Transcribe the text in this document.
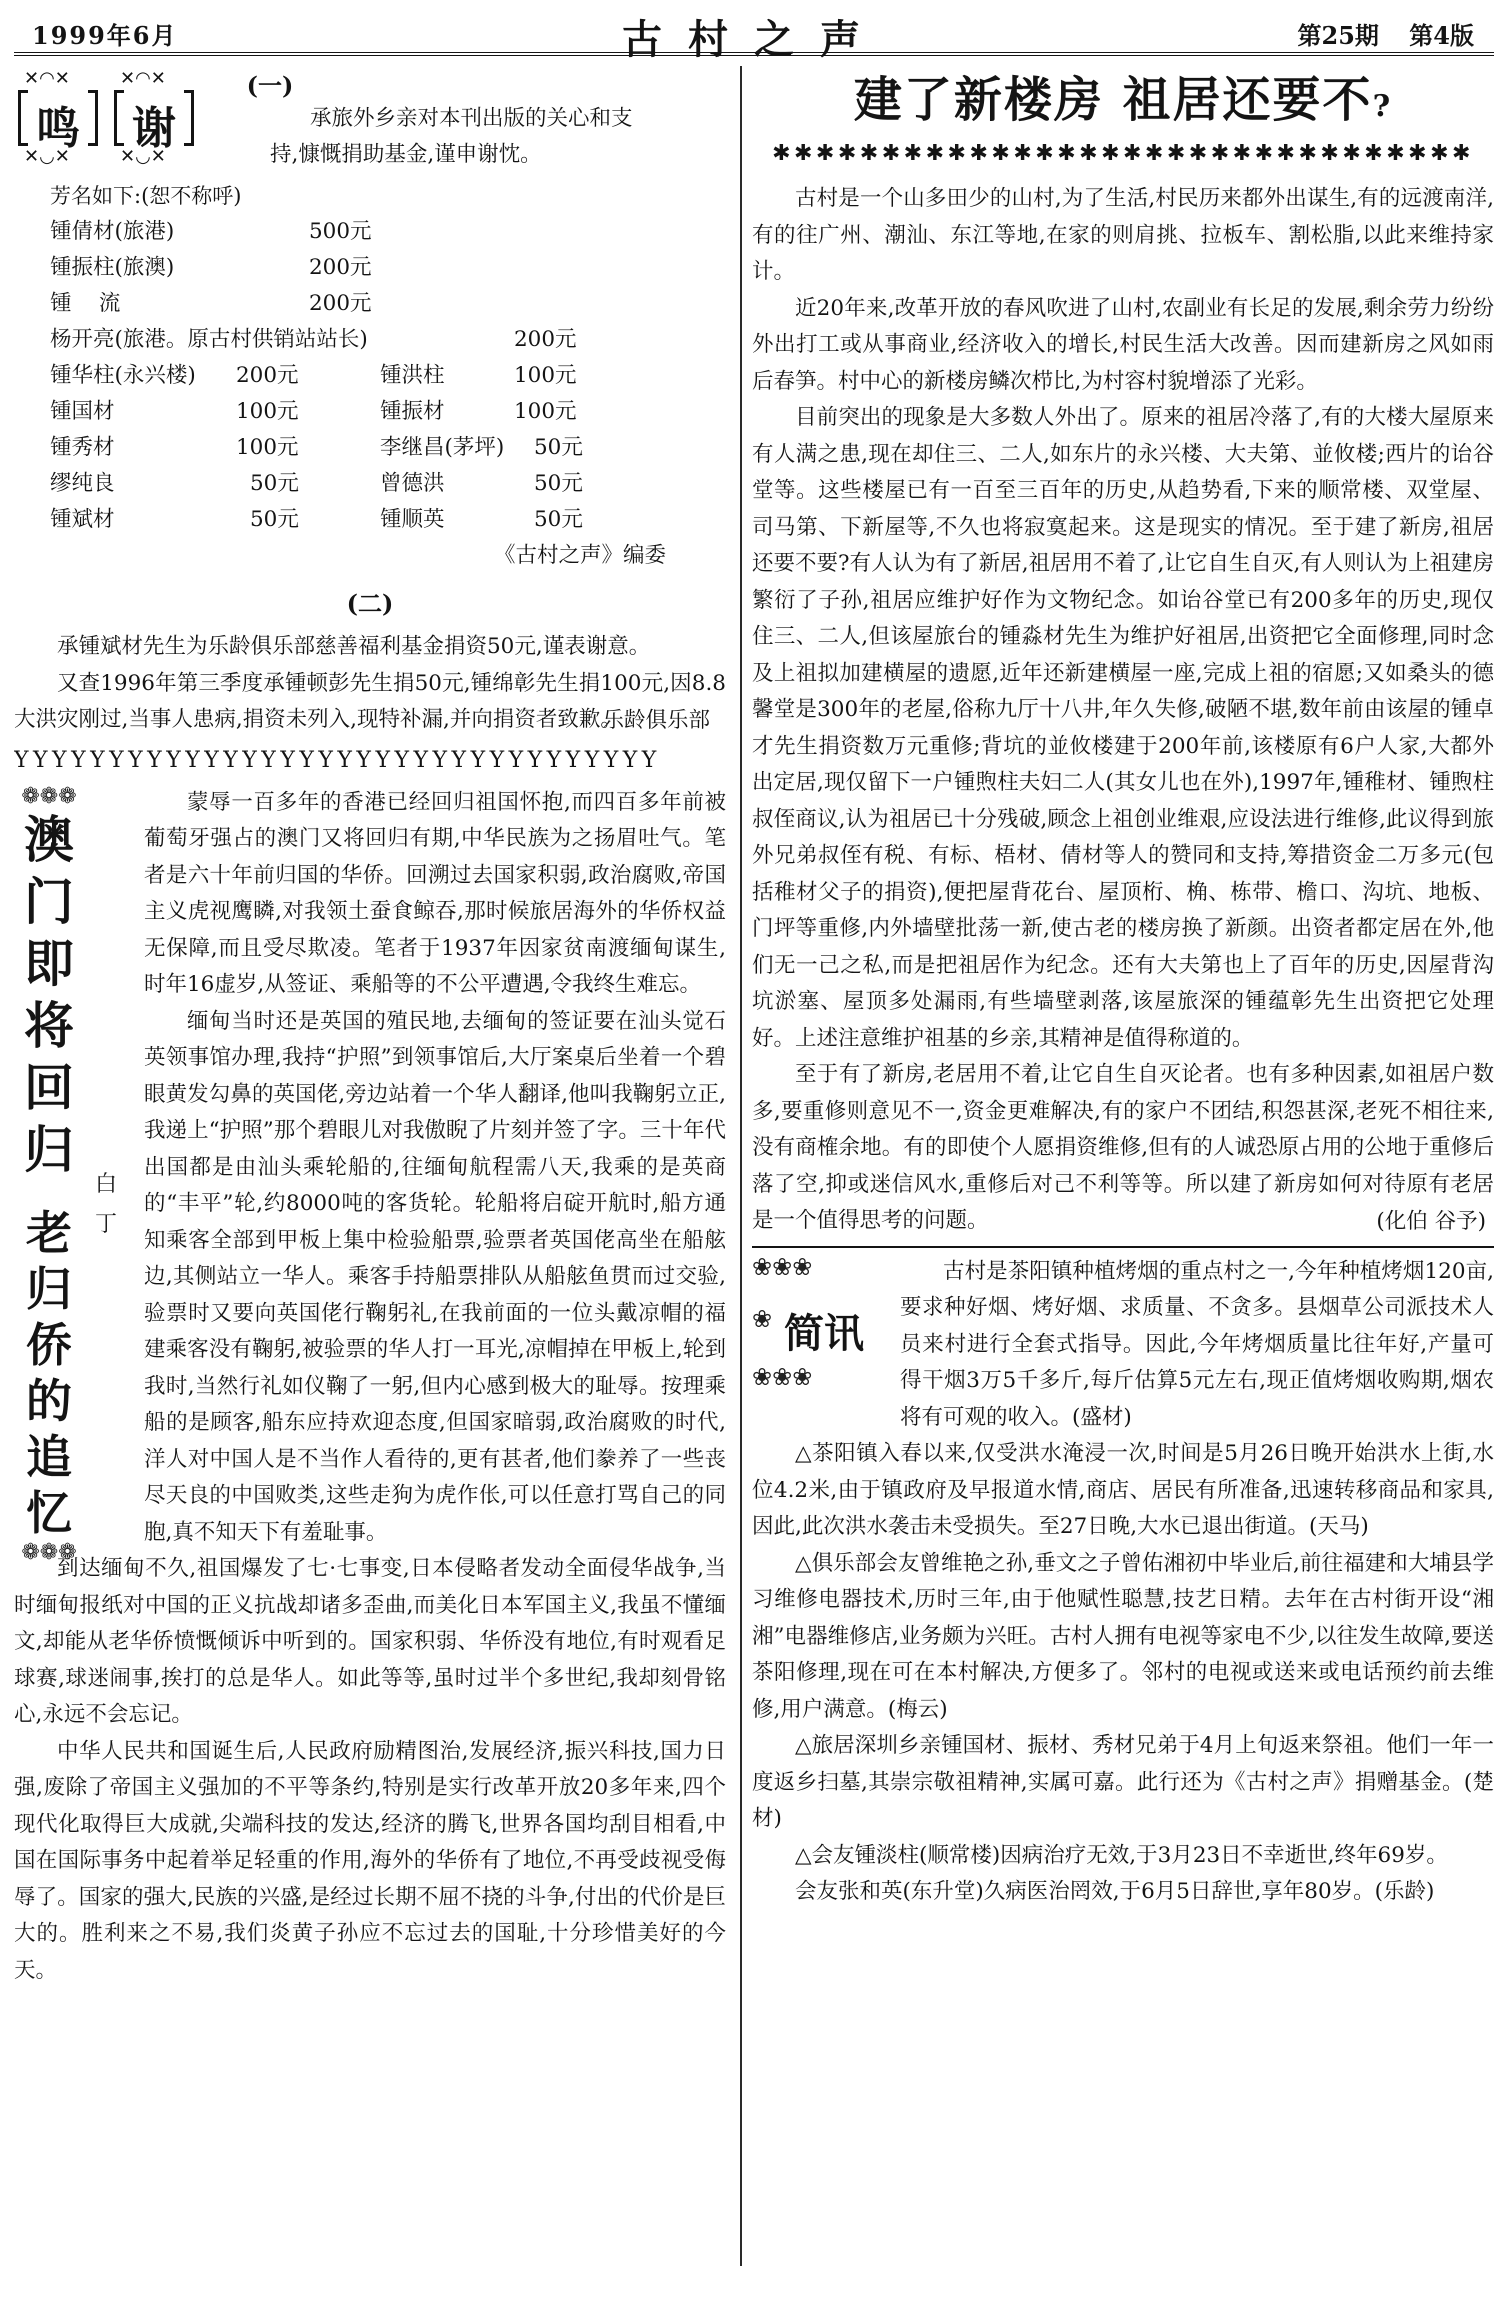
1999年6月	古村之声	第25期 第4版
✕◠✕
鸣
✕◡✕
✕◠✕
谢
✕◡✕
(一)
承旅外乡亲对本刊出版的关心和支
持,慷慨捐助基金,谨申谢忱。
芳名如下:(恕不称呼)
锺倩材(旅港)	500元
锺振柱(旅澳)	200元
锺    流	200元
杨开亮(旅港。原古村供销站站长)	200元
锺华柱(永兴楼) 200元	锺洪柱	100元
锺国材	100元	锺振材	100元
锺秀材	100元	李继昌(茅坪) 50元
缪纯良	50元	曾德洪	50元
锺斌材	50元	锺顺英	50元
《古村之声》编委
(二)

承锺斌材先生为乐龄俱乐部慈善福利基金捐资50元,谨表谢意。

又查1996年第三季度承锺顿彭先生捐50元,锺绵彰先生捐100元,因8.8大洪灾刚过,当事人患病,捐资未列入,现特补漏,并向捐资者致歉。

乐龄俱乐部
YYYYYYYYYYYYYYYYYYYYYYYYYYYYYYYYYY
❁❁❁
澳
门
即
将
回
归
老
归
侨
的
追
忆
❁❁❁
白
丁

蒙辱一百多年的香港已经回归祖国怀抱,而四百多年前被葡萄牙强占的澳门又将回归有期,中华民族为之扬眉吐气。笔者是六十年前归国的华侨。回溯过去国家积弱,政治腐败,帝国主义虎视鹰瞵,对我领土蚕食鲸吞,那时候旅居海外的华侨权益无保障,而且受尽欺凌。笔者于1937年因家贫南渡缅甸谋生,时年16虚岁,从签证、乘船等的不公平遭遇,令我终生难忘。

缅甸当时还是英国的殖民地,去缅甸的签证要在汕头觉石英领事馆办理,我持“护照”到领事馆后,大厅案桌后坐着一个碧眼黄发勾鼻的英国佬,旁边站着一个华人翻译,他叫我鞠躬立正,我递上“护照”那个碧眼儿对我傲睨了片刻并签了字。三十年代出国都是由汕头乘轮船的,往缅甸航程需八天,我乘的是英商的“丰平”轮,约8000吨的客货轮。轮船将启碇开航时,船方通知乘客全部到甲板上集中检验船票,验票者英国佬高坐在船舷边,其侧站立一华人。乘客手持船票排队从船舷鱼贯而过交验,验票时又要向英国佬行鞠躬礼,在我前面的一位头戴凉帽的福建乘客没有鞠躬,被验票的华人打一耳光,凉帽掉在甲板上,轮到我时,当然行礼如仪鞠了一躬,但内心感到极大的耻辱。按理乘船的是顾客,船东应持欢迎态度,但国家暗弱,政治腐败的时代,洋人对中国人是不当作人看待的,更有甚者,他们豢养了一些丧尽天良的中国败类,这些走狗为虎作伥,可以任意打骂自己的同胞,真不知天下有羞耻事。

到达缅甸不久,祖国爆发了七·七事变,日本侵略者发动全面侵华战争,当时缅甸报纸对中国的正义抗战却诸多歪曲,而美化日本军国主义,我虽不懂缅文,却能从老华侨愤慨倾诉中听到的。国家积弱、华侨没有地位,有时观看足球赛,球迷闹事,挨打的总是华人。如此等等,虽时过半个多世纪,我却刻骨铭心,永远不会忘记。

中华人民共和国诞生后,人民政府励精图治,发展经济,振兴科技,国力日强,废除了帝国主义强加的不平等条约,特别是实行改革开放20多年来,四个现代化取得巨大成就,尖端科技的发达,经济的腾飞,世界各国均刮目相看,中国在国际事务中起着举足轻重的作用,海外的华侨有了地位,不再受歧视受侮辱了。国家的强大,民族的兴盛,是经过长期不屈不挠的斗争,付出的代价是巨大的。胜利来之不易,我们炎黄子孙应不忘过去的国耻,十分珍惜美好的今天。

建了新楼房 祖居还要不?
✱✱✱✱✱✱✱✱✱✱✱✱✱✱✱✱✱✱✱✱✱✱✱✱✱✱✱✱✱✱✱✱

古村是一个山多田少的山村,为了生活,村民历来都外出谋生,有的远渡南洋,有的往广州、潮汕、东江等地,在家的则肩挑、拉板车、割松脂,以此来维持家计。

近20年来,改革开放的春风吹进了山村,农副业有长足的发展,剩余劳力纷纷外出打工或从事商业,经济收入的增长,村民生活大改善。因而建新房之风如雨后春笋。村中心的新楼房鳞次栉比,为村容村貌增添了光彩。

目前突出的现象是大多数人外出了。原来的祖居冷落了,有的大楼大屋原来有人满之患,现在却住三、二人,如东片的永兴楼、大夫第、並攸楼;西片的诒谷堂等。这些楼屋已有一百至三百年的历史,从趋势看,下来的顺常楼、双堂屋、司马第、下新屋等,不久也将寂寞起来。这是现实的情况。至于建了新房,祖居还要不要?有人认为有了新居,祖居用不着了,让它自生自灭,有人则认为上祖建房繁衍了子孙,祖居应维护好作为文物纪念。如诒谷堂已有200多年的历史,现仅住三、二人,但该屋旅台的锺淼材先生为维护好祖居,出资把它全面修理,同时念及上祖拟加建横屋的遗愿,近年还新建横屋一座,完成上祖的宿愿;又如桑头的德馨堂是300年的老屋,俗称九厅十八井,年久失修,破陋不堪,数年前由该屋的锺卓才先生捐资数万元重修;背坑的並攸楼建于200年前,该楼原有6户人家,大都外出定居,现仅留下一户锺煦柱夫妇二人(其女儿也在外),1997年,锺稚材、锺煦柱叔侄商议,认为祖居已十分残破,顾念上祖创业维艰,应设法进行维修,此议得到旅外兄弟叔侄有税、有标、梧材、倩材等人的赞同和支持,筹措资金二万多元(包括稚材父子的捐资),便把屋背花台、屋顶桁、桷、栋带、檐口、沟坑、地板、门坪等重修,内外墙壁批荡一新,使古老的楼房换了新颜。出资者都定居在外,他们无一己之私,而是把祖居作为纪念。还有大夫第也上了百年的历史,因屋背沟坑淤塞、屋顶多处漏雨,有些墙壁剥落,该屋旅深的锺蕴彰先生出资把它处理好。上述注意维护祖基的乡亲,其精神是值得称道的。

至于有了新房,老居用不着,让它自生自灭论者。也有多种因素,如祖居户数多,要重修则意见不一,资金更难解决,有的家户不团结,积怨甚深,老死不相往来,没有商榷余地。有的即使个人愿捐资维修,但有的人诚恐原占用的公地于重修后落了空,抑或迷信风水,重修后对己不利等等。所以建了新房如何对待原有老居是一个值得思考的问题。	(化伯 谷予)
❀❀❀
❀ 简讯
❀❀❀

古村是茶阳镇种植烤烟的重点村之一,今年种植烤烟120亩,要求种好烟、烤好烟、求质量、不贪多。县烟草公司派技术人员来村进行全套式指导。因此,今年烤烟质量比往年好,产量可得干烟3万5千多斤,每斤估算5元左右,现正值烤烟收购期,烟农将有可观的收入。(盛材)

△茶阳镇入春以来,仅受洪水淹浸一次,时间是5月26日晚开始洪水上街,水位4.2米,由于镇政府及早报道水情,商店、居民有所准备,迅速转移商品和家具,因此,此次洪水袭击未受损失。至27日晚,大水已退出街道。(天马)

△俱乐部会友曾维艳之孙,垂文之子曾佑湘初中毕业后,前往福建和大埔县学习维修电器技术,历时三年,由于他赋性聪慧,技艺日精。去年在古村街开设“湘湘”电器维修店,业务颇为兴旺。古村人拥有电视等家电不少,以往发生故障,要送茶阳修理,现在可在本村解决,方便多了。邻村的电视或送来或电话预约前去维修,用户满意。(梅云)

△旅居深圳乡亲锺国材、振材、秀材兄弟于4月上旬返来祭祖。他们一年一度返乡扫墓,其崇宗敬祖精神,实属可嘉。此行还为《古村之声》捐赠基金。(楚材)

△会友锺淡柱(顺常楼)因病治疗无效,于3月23日不幸逝世,终年69岁。

会友张和英(东升堂)久病医治罔效,于6月5日辞世,享年80岁。(乐龄)
